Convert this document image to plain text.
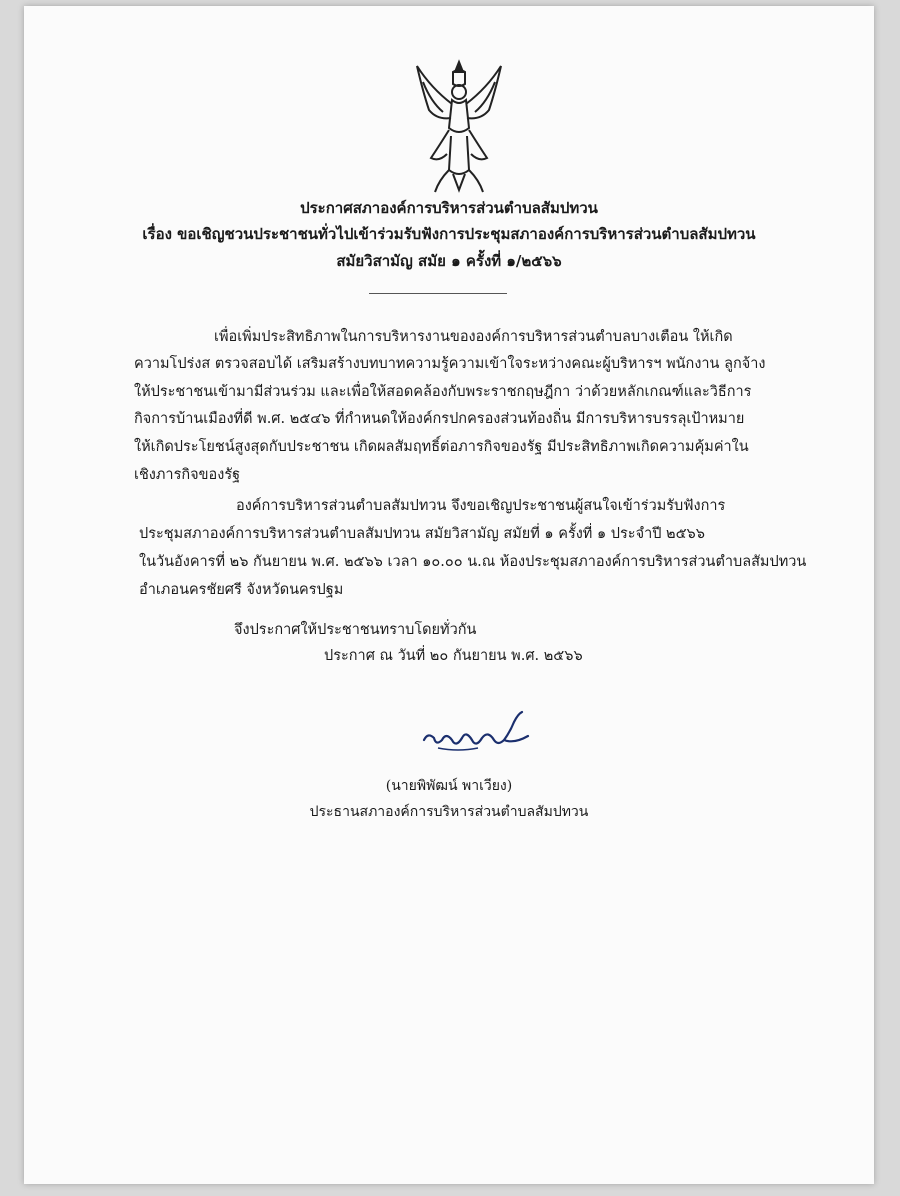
ประกาศสภาองค์การบริหารส่วนตำบลสัมปทวน
เรื่อง ขอเชิญชวนประชาชนทั่วไปเข้าร่วมรับฟังการประชุมสภาองค์การบริหารส่วนตำบลสัมปทวน
สมัยวิสามัญ สมัย ๑ ครั้งที่ ๑/๒๕๖๖
เพื่อเพิ่มประสิทธิภาพในการบริหารงานขององค์การบริหารส่วนตำบลบางเตือน ให้เกิด
ความโปร่งส ตรวจสอบได้ เสริมสร้างบทบาทความรู้ความเข้าใจระหว่างคณะผู้บริหารฯ พนักงาน ลูกจ้าง
ให้ประชาชนเข้ามามีส่วนร่วม และเพื่อให้สอดคล้องกับพระราชกฤษฎีกา ว่าด้วยหลักเกณฑ์และวิธีการ
กิจการบ้านเมืองที่ดี พ.ศ. ๒๕๔๖ ที่กำหนดให้องค์กรปกครองส่วนท้องถิ่น มีการบริหารบรรลุเป้าหมาย
ให้เกิดประโยชน์สูงสุดกับประชาชน เกิดผลสัมฤทธิ์ต่อภารกิจของรัฐ มีประสิทธิภาพเกิดความคุ้มค่าใน
เชิงภารกิจของรัฐ
องค์การบริหารส่วนตำบลสัมปทวน จึงขอเชิญประชาชนผู้สนใจเข้าร่วมรับฟังการ
ประชุมสภาองค์การบริหารส่วนตำบลสัมปทวน สมัยวิสามัญ สมัยที่ ๑ ครั้งที่ ๑ ประจำปี ๒๕๖๖
ในวันอังคารที่ ๒๖ กันยายน พ.ศ. ๒๕๖๖ เวลา ๑๐.๐๐ น.ณ ห้องประชุมสภาองค์การบริหารส่วนตำบลสัมปทวน
อำเภอนครชัยศรี จังหวัดนครปฐม
จึงประกาศให้ประชาชนทราบโดยทั่วกัน
ประกาศ ณ วันที่ ๒๐ กันยายน พ.ศ. ๒๕๖๖
(นายพิพัฒน์ พาเวียง)
ประธานสภาองค์การบริหารส่วนตำบลสัมปทวน
